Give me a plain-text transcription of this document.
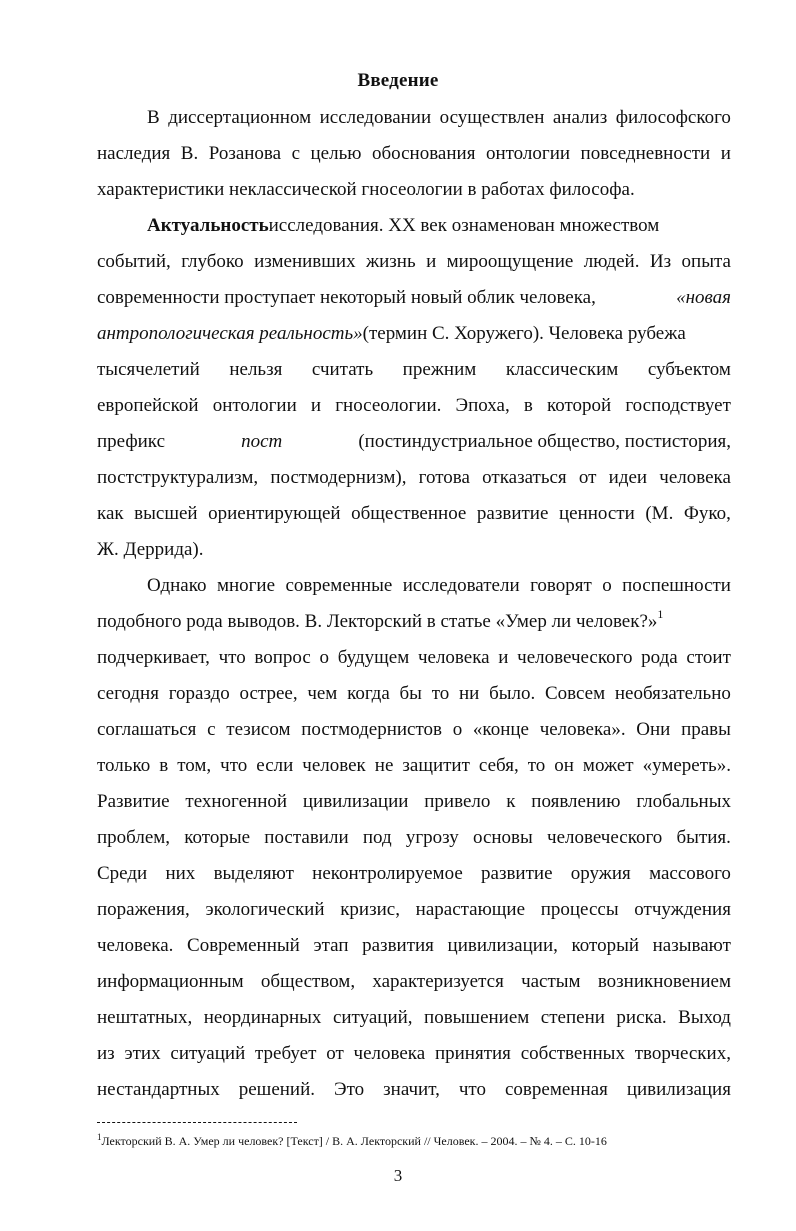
Введение
В диссертационном исследовании осуществлен анализ философского
наследия В. Розанова с целью обоснования онтологии повседневности и
характеристики неклассической гносеологии в работах философа.
Актуальностьисследования. XX век ознаменован множеством
событий, глубоко изменивших жизнь и мироощущение людей. Из опыта
современности проступает некоторый новый облик человека,	«новая
антропологическая реальность»(термин С. Хоружего). Человека рубежа
тысячелетий нельзя считать прежним классическим субъектом
европейской онтологии и гносеологии. Эпоха, в которой господствует
префикс	пост	(постиндустриальное общество, постистория,
постструктурализм, постмодернизм), готова отказаться от идеи человека
как высшей ориентирующей общественное развитие ценности (М. Фуко,
Ж. Деррида).
Однако многие современные исследователи говорят о поспешности
подобного рода выводов. В. Лекторский в статье «Умер ли человек?»1
подчеркивает, что вопрос о будущем человека и человеческого рода стоит
сегодня гораздо острее, чем когда бы то ни было. Совсем необязательно
соглашаться с тезисом постмодернистов о «конце человека». Они правы
только в том, что если человек не защитит себя, то он может «умереть».
Развитие техногенной цивилизации привело к появлению глобальных
проблем, которые поставили под угрозу основы человеческого бытия.
Среди них выделяют неконтролируемое развитие оружия массового
поражения, экологический кризис, нарастающие процессы отчуждения
человека. Современный этап развития цивилизации, который называют
информационным обществом, характеризуется частым возникновением
нештатных, неординарных ситуаций, повышением степени риска. Выход
из этих ситуаций требует от человека принятия собственных творческих,
нестандартных решений. Это значит, что современная цивилизация
$^1$Лекторский В. А. Умер ли человек? [Текст] / В. А. Лекторский // Человек. – 2004. – № 4. – С. 10-16
3
